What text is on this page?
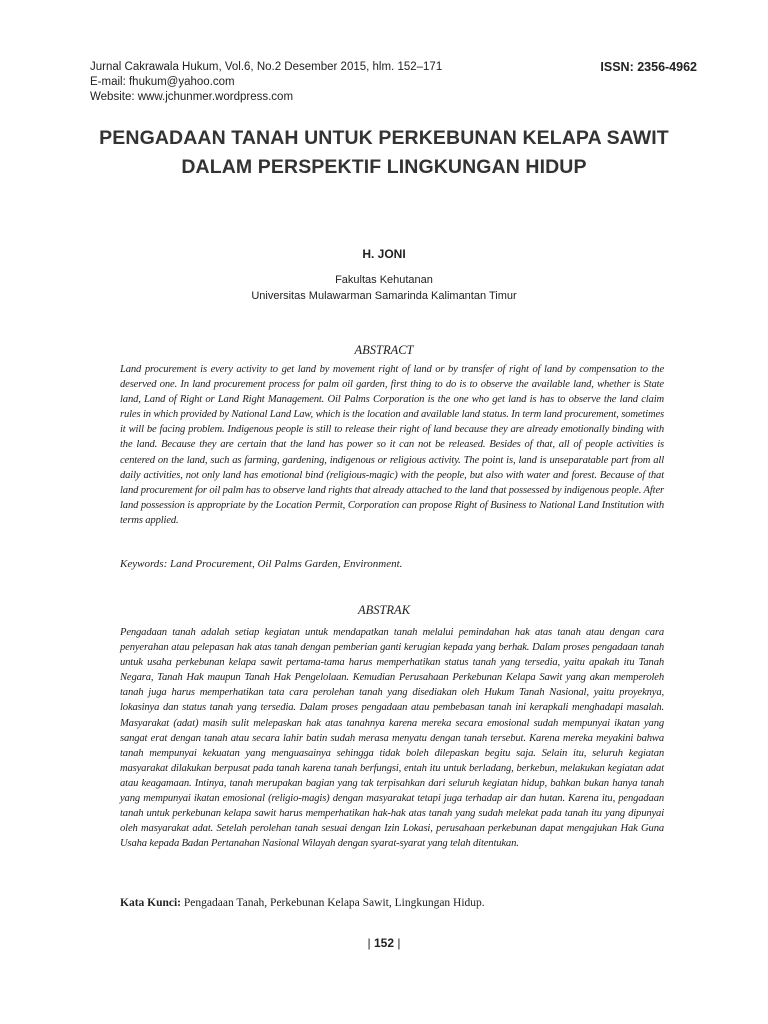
Jurnal Cakrawala Hukum, Vol.6, No.2 Desember 2015, hlm. 152–171
E-mail: fhukum@yahoo.com
Website: www.jchunmer.wordpress.com
ISSN: 2356-4962
PENGADAAN TANAH UNTUK PERKEBUNAN KELAPA SAWIT
DALAM PERSPEKTIF LINGKUNGAN HIDUP
H. JONI
Fakultas Kehutanan
Universitas Mulawarman Samarinda Kalimantan Timur
ABSTRACT
Land procurement is every activity to get land by movement right of land or by transfer of right of land by compensation to the deserved one. In land procurement process for palm oil garden, first thing to do is to observe the available land, whether is State land, Land of Right or Land Right Management. Oil Palms Corporation is the one who get land is has to observe the land claim rules in which provided by National Land Law, which is the location and available land status. In term land procurement, sometimes it will be facing problem. Indigenous people is still to release their right of land because they are already emotionally binding with the land. Because they are certain that the land has power so it can not be released. Besides of that, all of people activities is centered on the land, such as farming, gardening, indigenous or religious activity. The point is, land is unseparatable part from all daily activities, not only land has emotional bind (religious-magic) with the people, but also with water and forest. Because of that land procurement for oil palm has to observe land rights that already attached to the land that possessed by indigenous people. After land possession is appropriate by the Location Permit, Corporation can propose Right of Business to National Land Institution with terms applied.
Keywords: Land Procurement, Oil Palms Garden, Environment.
ABSTRAK
Pengadaan tanah adalah setiap kegiatan untuk mendapatkan tanah melalui pemindahan hak atas tanah atau dengan cara penyerahan atau pelepasan hak atas tanah dengan pemberian ganti kerugian kepada yang berhak. Dalam proses pengadaan tanah untuk usaha perkebunan kelapa sawit pertama-tama harus memperhatikan status tanah yang tersedia, yaitu apakah itu Tanah Negara, Tanah Hak maupun Tanah Hak Pengelolaan. Kemudian Perusahaan Perkebunan Kelapa Sawit yang akan memperoleh tanah juga harus memperhatikan tata cara perolehan tanah yang disediakan oleh Hukum Tanah Nasional, yaitu proyeknya, lokasinya dan status tanah yang tersedia. Dalam proses pengadaan atau pembebasan tanah ini kerapkali menghadapi masalah. Masyarakat (adat) masih sulit melepaskan hak atas tanahnya karena mereka secara emosional sudah mempunyai ikatan yang sangat erat dengan tanah atau secara lahir batin sudah merasa menyatu dengan tanah tersebut. Karena mereka meyakini bahwa tanah mempunyai kekuatan yang menguasainya sehingga tidak boleh dilepaskan begitu saja. Selain itu, seluruh kegiatan masyarakat dilakukan berpusat pada tanah karena tanah berfungsi, entah itu untuk berladang, berkebun, melakukan kegiatan adat atau keagamaan. Intinya, tanah merupakan bagian yang tak terpisahkan dari seluruh kegiatan hidup, bahkan bukan hanya tanah yang mempunyai ikatan emosional (religio-magis) dengan masyarakat tetapi juga terhadap air dan hutan. Karena itu, pengadaan tanah untuk perkebunan kelapa sawit harus memperhatikan hak-hak atas tanah yang sudah melekat pada tanah itu yang dipunyai oleh masyarakat adat. Setelah perolehan tanah sesuai dengan Izin Lokasi, perusahaan perkebunan dapat mengajukan Hak Guna Usaha kepada Badan Pertanahan Nasional Wilayah dengan syarat-syarat yang telah ditentukan.
Kata Kunci: Pengadaan Tanah, Perkebunan Kelapa Sawit, Lingkungan Hidup.
| 152 |
